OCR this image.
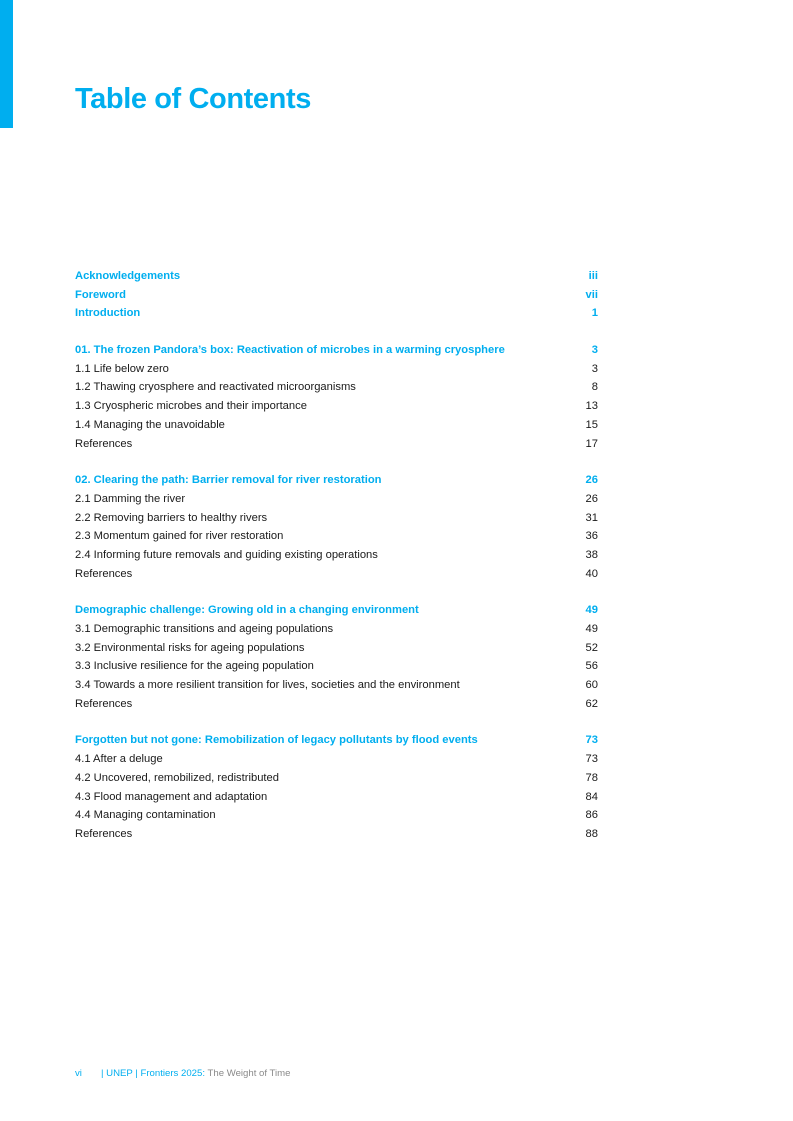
Table of Contents
Acknowledgements	iii
Foreword	vii
Introduction	1
01. The frozen Pandora’s box: Reactivation of microbes in a warming cryosphere	3
1.1 Life below zero	3
1.2 Thawing cryosphere and reactivated microorganisms	8
1.3 Cryospheric microbes and their importance	13
1.4 Managing the unavoidable	15
References	17
02. Clearing the path: Barrier removal for river restoration	26
2.1 Damming the river	26
2.2 Removing barriers to healthy rivers	31
2.3 Momentum gained for river restoration	36
2.4 Informing future removals and guiding existing operations	38
References	40
Demographic challenge: Growing old in a changing environment	49
3.1 Demographic transitions and ageing populations	49
3.2 Environmental risks for ageing populations	52
3.3 Inclusive resilience for the ageing population	56
3.4 Towards a more resilient transition for lives, societies and the environment	60
References	62
Forgotten but not gone: Remobilization of legacy pollutants by flood events	73
4.1 After a deluge	73
4.2 Uncovered, remobilized, redistributed	78
4.3 Flood management and adaptation	84
4.4 Managing contamination	86
References	88
vi | UNEP | Frontiers 2025: The Weight of Time
